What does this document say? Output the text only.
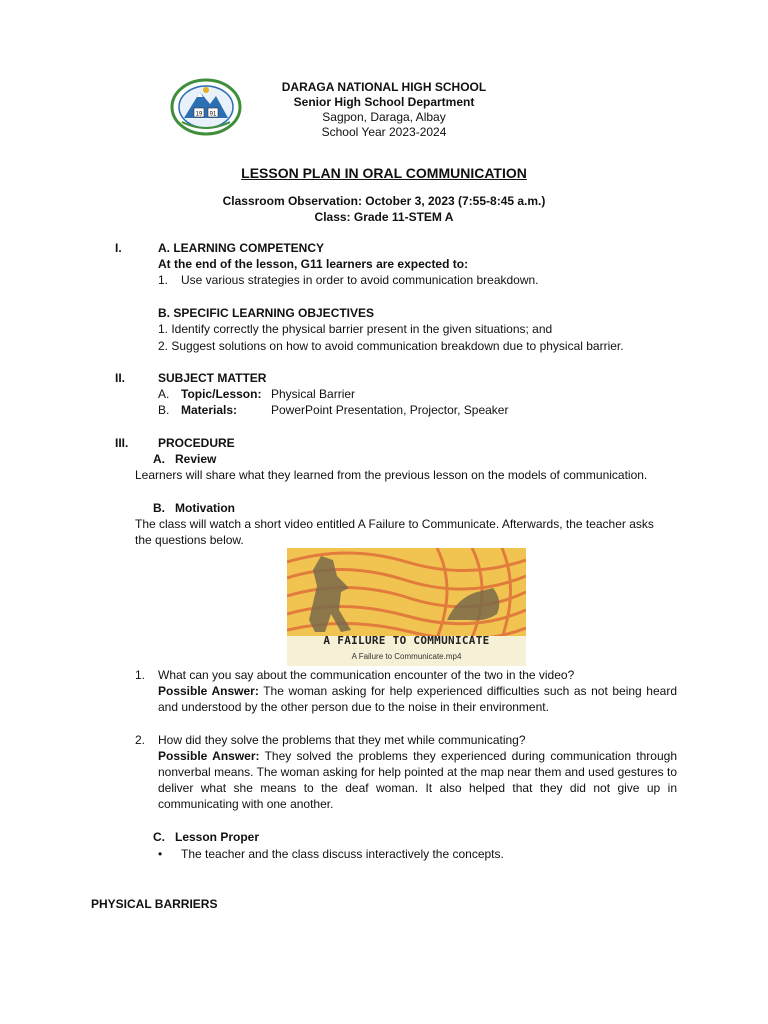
19 91
DARAGA NATIONAL HIGH SCHOOL
Senior High School Department
Sagpon, Daraga, Albay
School Year 2023-2024
LESSON PLAN IN ORAL COMMUNICATION
Classroom Observation: October 3, 2023 (7:55-8:45 a.m.)
Class: Grade 11-STEM A
I.	A. LEARNING COMPETENCY
At the end of the lesson, G11 learners are expected to:
1. Use various strategies in order to avoid communication breakdown.
B. SPECIFIC LEARNING OBJECTIVES
1. Identify correctly the physical barrier present in the given situations; and
2. Suggest solutions on how to avoid communication breakdown due to physical barrier.
II.	SUBJECT MATTER
A. Topic/Lesson: Physical Barrier
B. Materials:	PowerPoint Presentation, Projector, Speaker
III. PROCEDURE
A.   Review
Learners will share what they learned from the previous lesson on the models of communication.
B.   Motivation
The class will watch a short video entitled A Failure to Communicate. Afterwards, the teacher asks
the questions below.
A FAILURE TO COMMUNICATE
A Failure to Communicate.mp4
1. What can you say about the communication encounter of the two in the video?

Possible Answer: The woman asking for help experienced difficulties such as not being heard and understood by the other person due to the noise in their environment.

2. How did they solve the problems that they met while communicating?

Possible Answer: They solved the problems they experienced during communication through nonverbal means. The woman asking for help pointed at the map near them and used gestures to deliver what she means to the deaf woman. It also helped that they did not give up in communicating with one another.

C.   Lesson Proper
• The teacher and the class discuss interactively the concepts.
PHYSICAL BARRIERS
